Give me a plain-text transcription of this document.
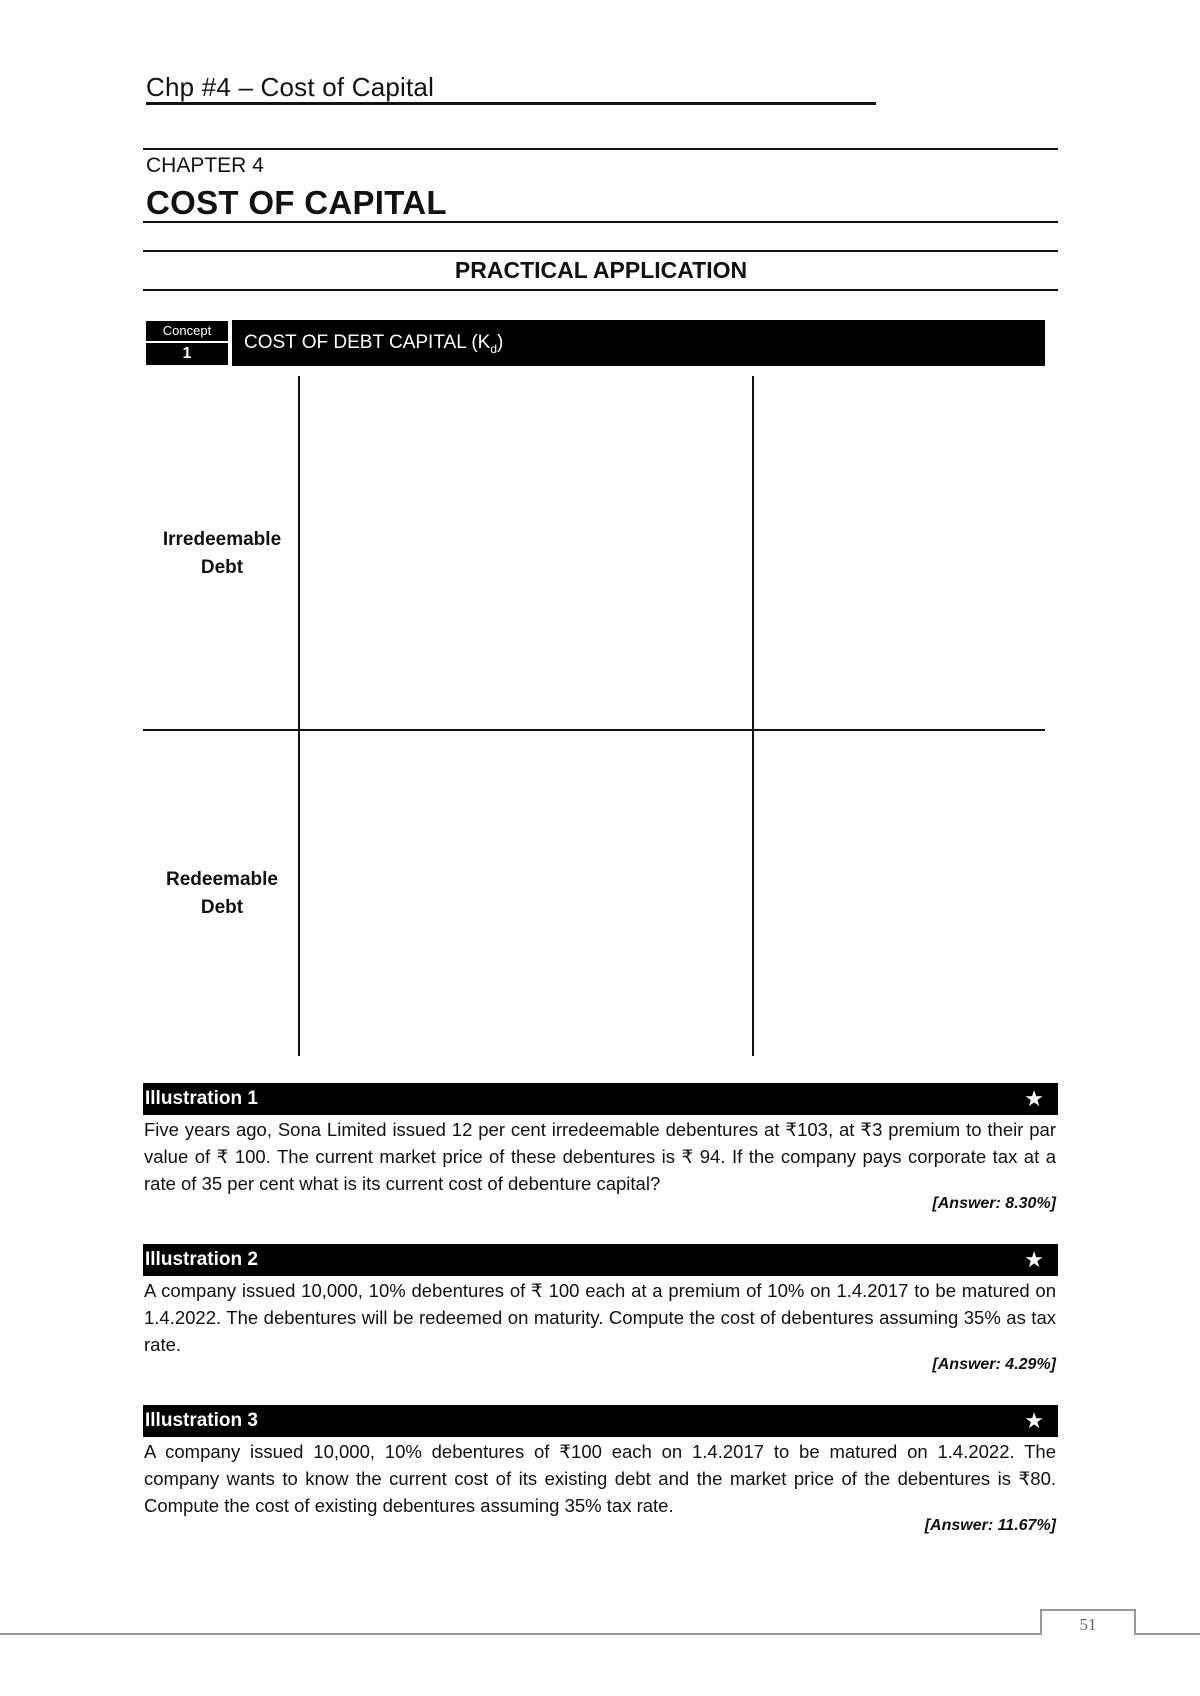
Chp #4 – Cost of Capital
CHAPTER 4
COST OF CAPITAL
PRACTICAL APPLICATION
Concept
1
COST OF DEBT CAPITAL $(K_d)$
Irredeemable
Debt
Redeemable
Debt
Illustration 1	★
Five years ago, Sona Limited issued 12 per cent irredeemable debentures at ₹103, at ₹3 premium to their par value of ₹ 100. The current market price of these debentures is ₹ 94. If the company pays corporate tax at a rate of 35 per cent what is its current cost of debenture capital?
[Answer: 8.30%]
Illustration 2	★
A company issued 10,000, 10% debentures of ₹ 100 each at a premium of 10% on 1.4.2017 to be matured on 1.4.2022. The debentures will be redeemed on maturity. Compute the cost of debentures assuming 35% as tax rate.
[Answer: 4.29%]
Illustration 3	★
A company issued 10,000, 10% debentures of ₹100 each on 1.4.2017 to be matured on 1.4.2022. The company wants to know the current cost of its existing debt and the market price of the debentures is ₹80. Compute the cost of existing debentures assuming 35% tax rate.
[Answer: 11.67%]
51
